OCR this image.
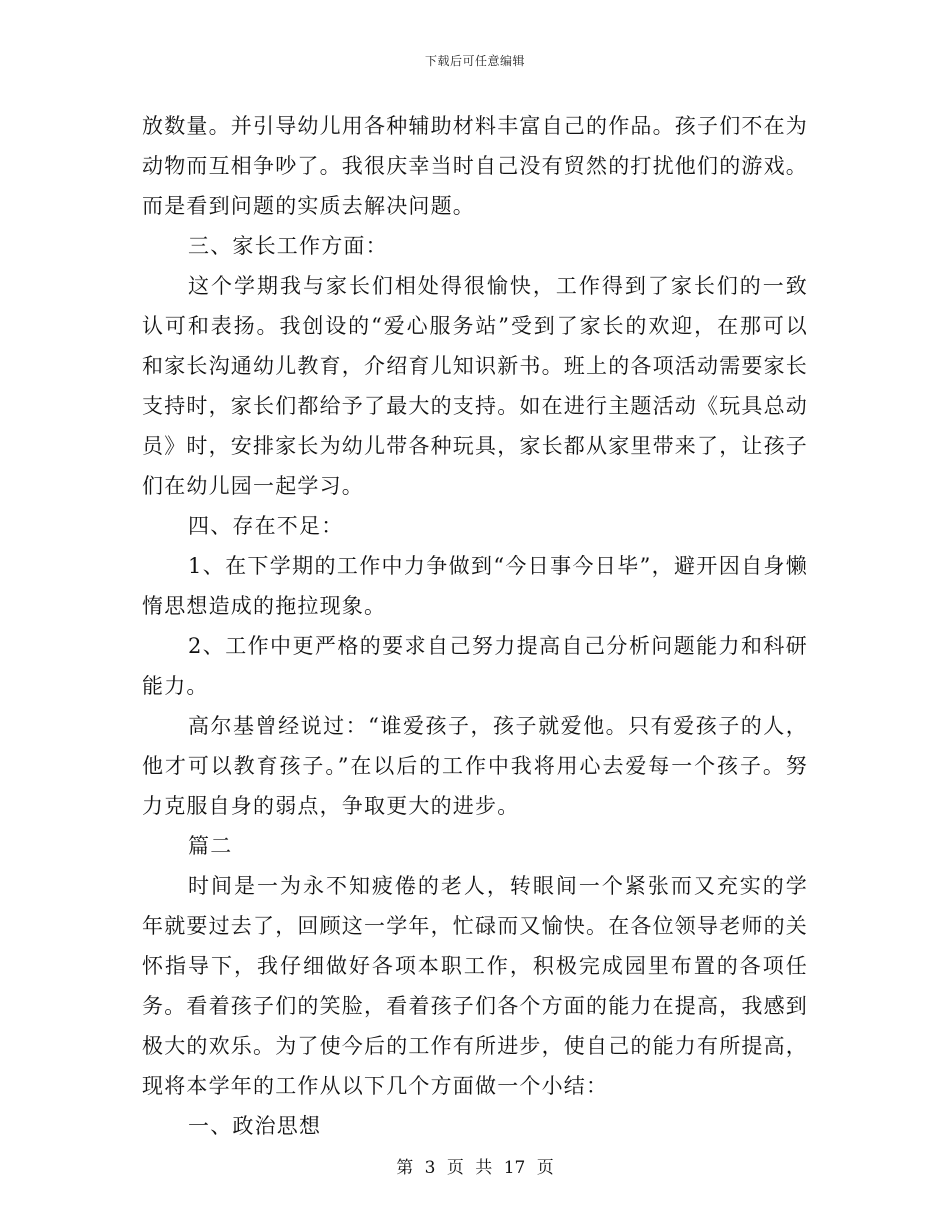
下载后可任意编辑

放数量。并引导幼儿用各种辅助材料丰富自己的作品。孩子们不在为动物而互相争吵了。我很庆幸当时自己没有贸然的打扰他们的游戏。而是看到问题的实质去解决问题。

三、家长工作方面：

这个学期我与家长们相处得很愉快，工作得到了家长们的一致认可和表扬。我创设的“爱心服务站”受到了家长的欢迎，在那可以和家长沟通幼儿教育，介绍育儿知识新书。班上的各项活动需要家长支持时，家长们都给予了最大的支持。如在进行主题活动《玩具总动员》时，安排家长为幼儿带各种玩具，家长都从家里带来了，让孩子们在幼儿园一起学习。

四、存在不足：

1、在下学期的工作中力争做到“今日事今日毕”，避开因自身懒惰思想造成的拖拉现象。

2、工作中更严格的要求自己努力提高自己分析问题能力和科研能力。

高尔基曾经说过：“谁爱孩子，孩子就爱他。只有爱孩子的人，他才可以教育孩子。”在以后的工作中我将用心去爱每一个孩子。努力克服自身的弱点，争取更大的进步。

篇二

时间是一为永不知疲倦的老人，转眼间一个紧张而又充实的学年就要过去了，回顾这一学年，忙碌而又愉快。在各位领导老师的关怀指导下，我仔细做好各项本职工作，积极完成园里布置的各项任务。看着孩子们的笑脸，看着孩子们各个方面的能力在提高，我感到极大的欢乐。为了使今后的工作有所进步，使自己的能力有所提高，现将本学年的工作从以下几个方面做一个小结：

一、政治思想

第 3 页 共 17 页
